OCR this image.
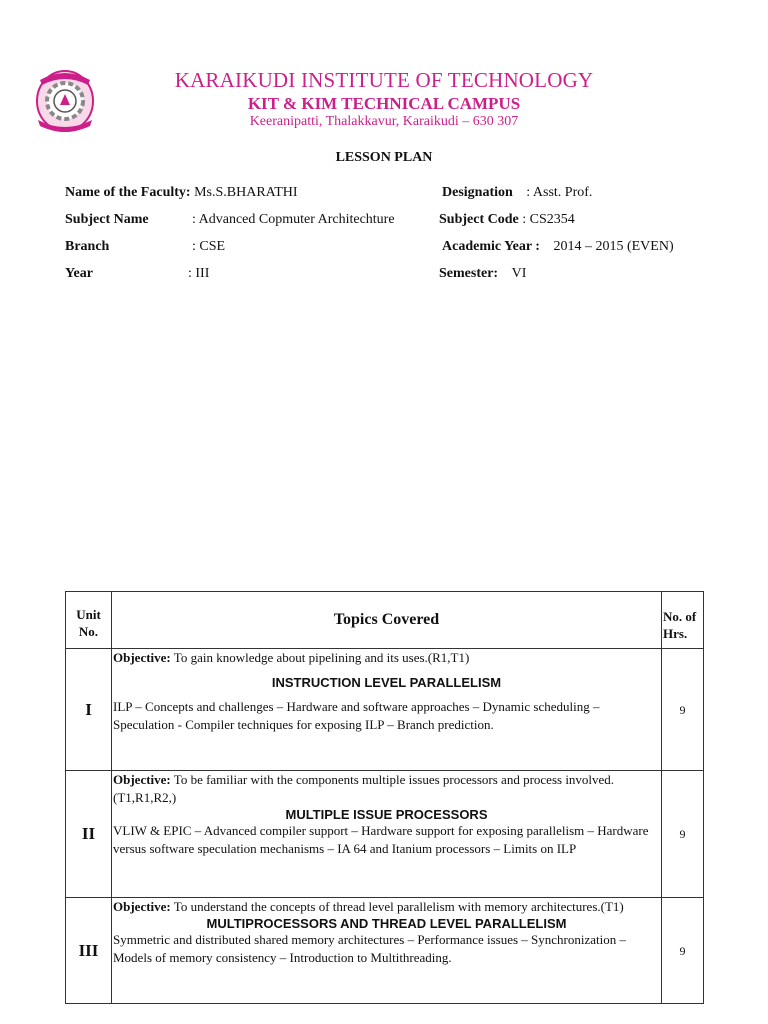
KARAIKUDI INSTITUTE OF TECHNOLOGY
KIT & KIM TECHNICAL CAMPUS
Keeranipatti, Thalakkavur, Karaikudi – 630 307
LESSON PLAN
Name of the Faculty: Ms.S.BHARATHI	Designation : Asst. Prof.
Subject Name	: Advanced Copmuter Architechture	Subject Code : CS2354
Branch	: CSE	Academic Year : 2014 – 2015 (EVEN)
Year	: III	Semester: VI
Unit No.	Topics Covered	No. of Hrs.
I	Objective: To gain knowledge about pipelining and its uses.(R1,T1)
INSTRUCTION LEVEL PARALLELISM
ILP – Concepts and challenges – Hardware and software approaches – Dynamic scheduling – Speculation - Compiler techniques for exposing ILP – Branch prediction.	9
II	Objective: To be familiar with the components multiple issues processors and process involved.(T1,R1,R2,)
MULTIPLE ISSUE PROCESSORS
VLIW & EPIC – Advanced compiler support – Hardware support for exposing parallelism – Hardware versus software speculation mechanisms – IA 64 and Itanium processors – Limits on ILP	9
III	Objective: To understand the concepts of thread level parallelism with memory architectures.(T1)
MULTIPROCESSORS AND THREAD LEVEL PARALLELISM
Symmetric and distributed shared memory architectures – Performance issues – Synchronization – Models of memory consistency – Introduction to Multithreading.	9
